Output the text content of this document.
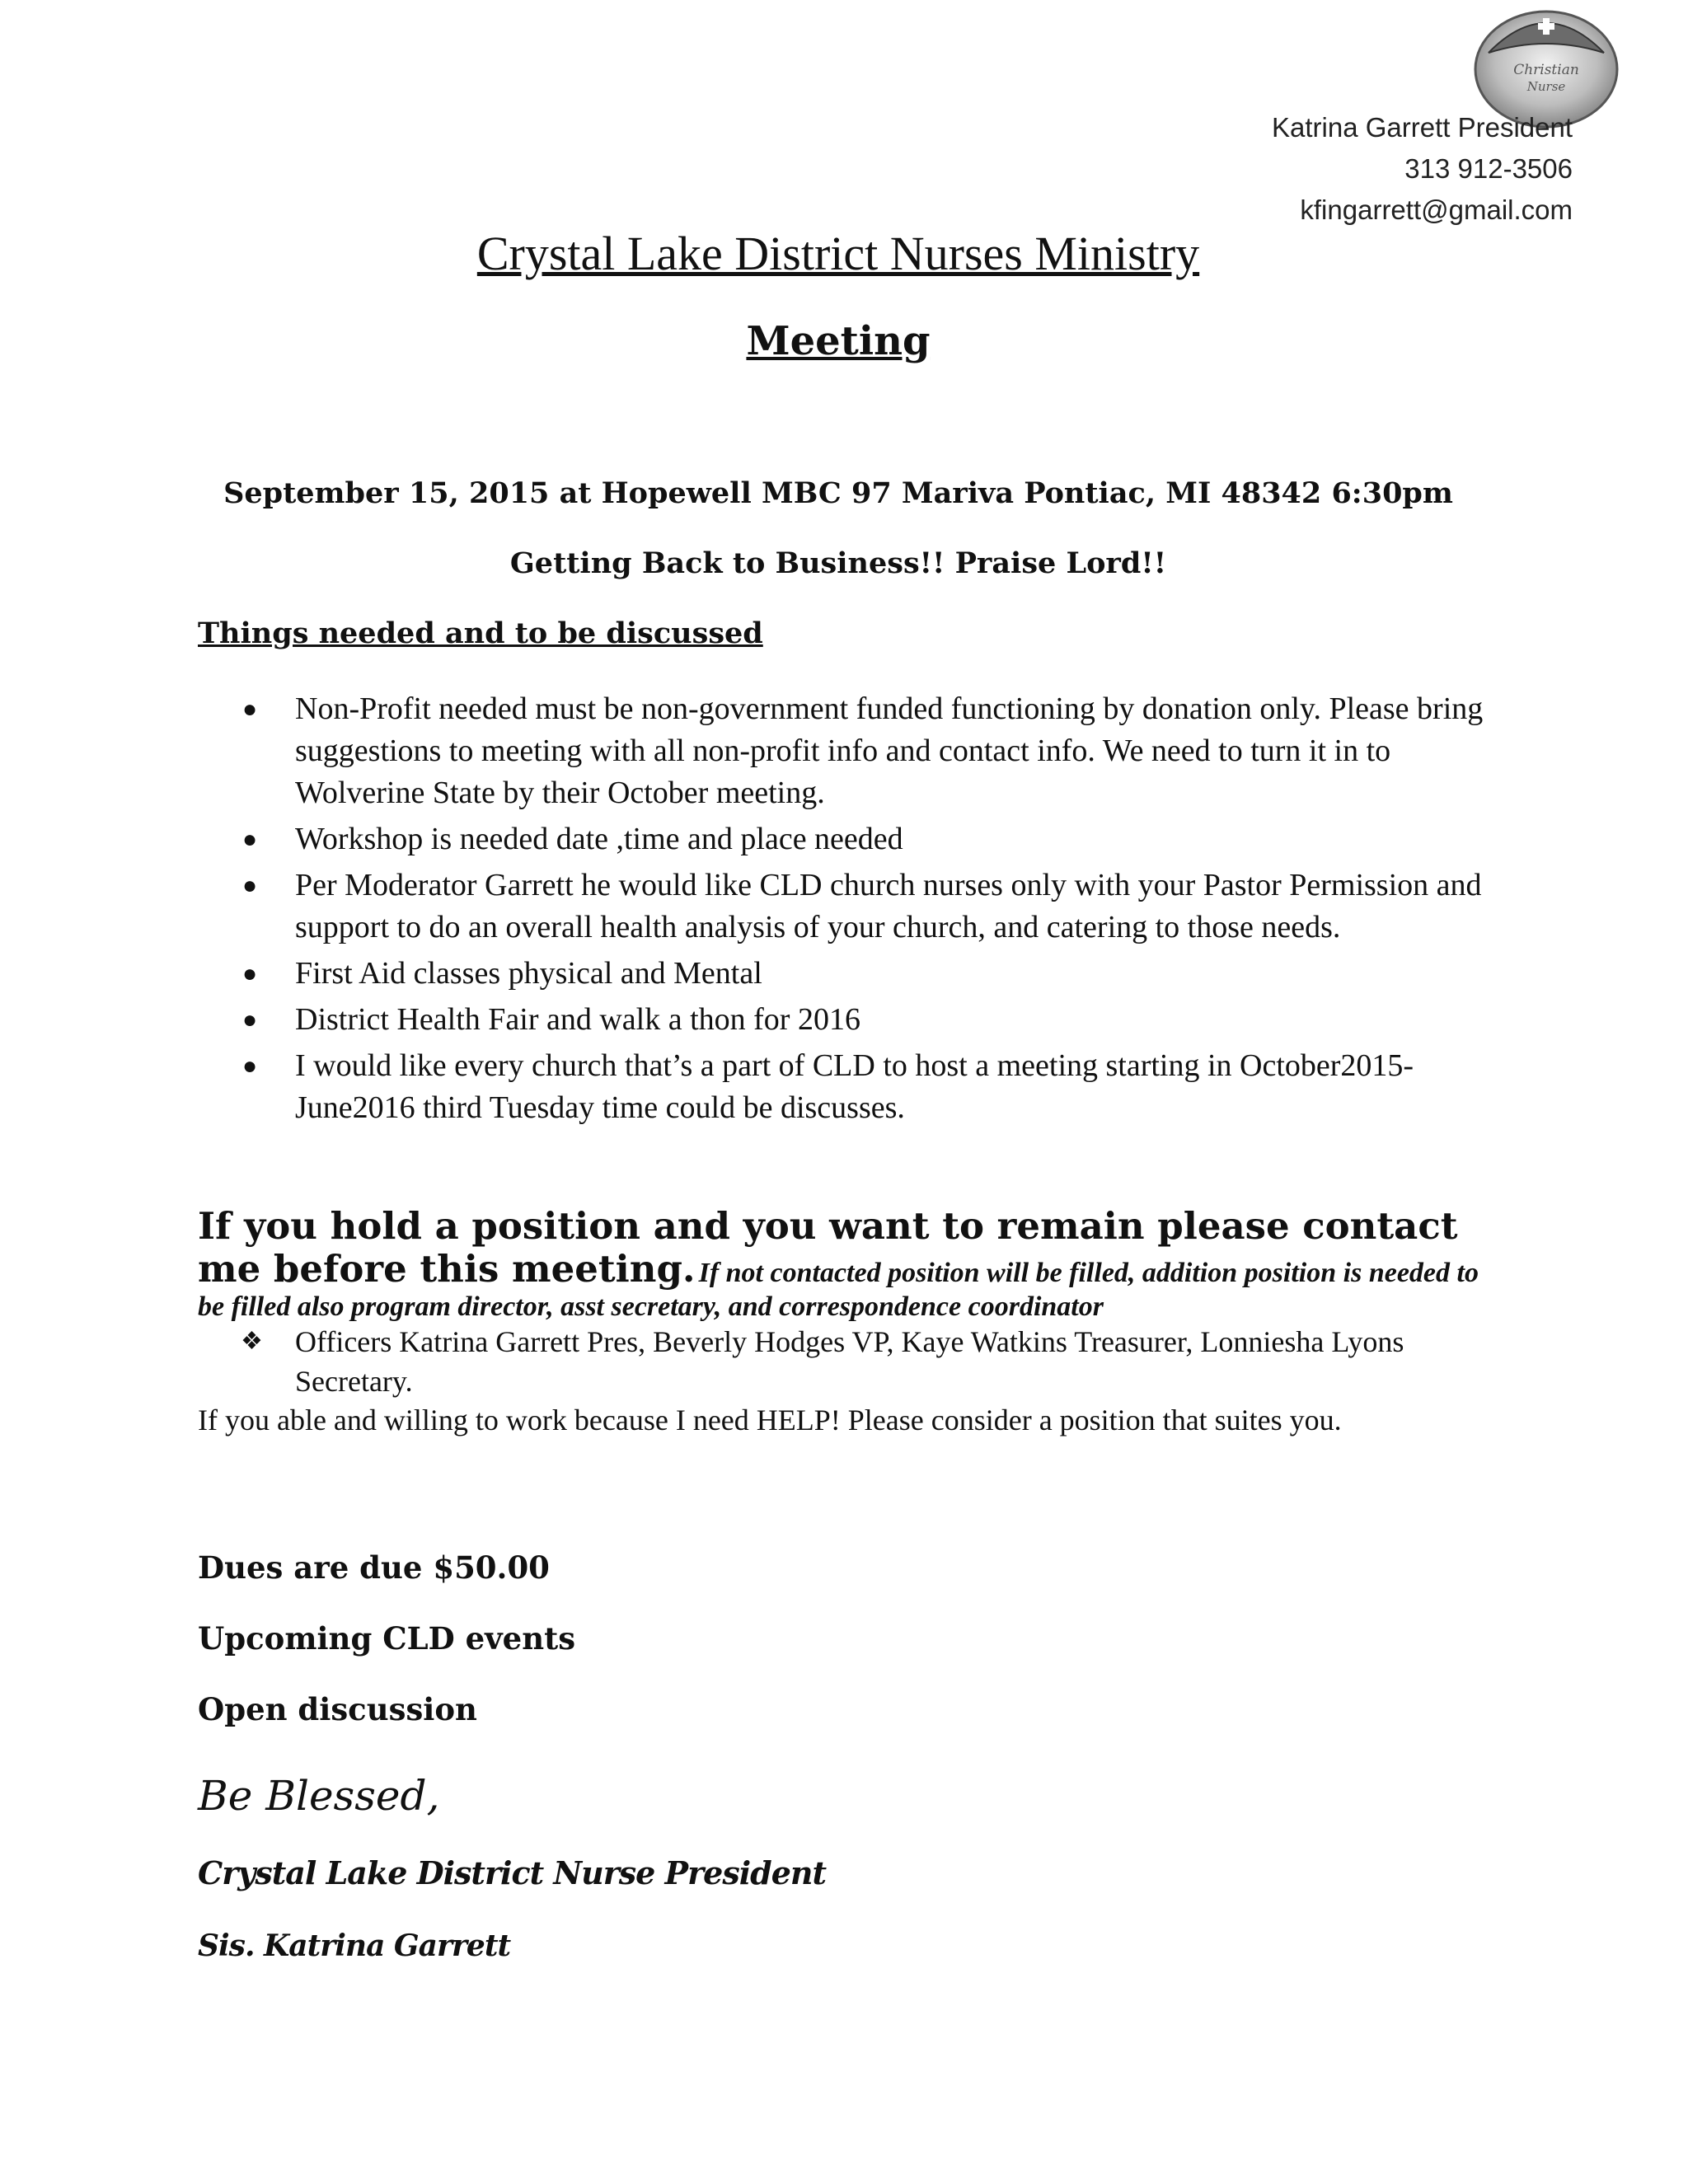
Christian
Nurse
Katrina Garrett President
313 912-3506
kfingarrett@gmail.com
Crystal Lake District Nurses Ministry
Meeting
September 15, 2015 at Hopewell MBC 97 Mariva Pontiac, MI 48342 6:30pm
Getting Back to Business!! Praise Lord!!
Things needed and to be discussed
● Non-Profit needed must be non-government funded functioning by donation only. Please bring suggestions to meeting with all non-profit info and contact info. We need to turn it in to Wolverine State by their October meeting.
● Workshop is needed date ,time and place needed
● Per Moderator Garrett he would like CLD church nurses only with your Pastor Permission and support to do an overall health analysis of your church, and catering to those needs.
● First Aid classes physical and Mental
● District Health Fair and walk a thon for 2016
● I would like every church that’s a part of CLD to host a meeting starting in October2015-June2016 third Tuesday time could be discusses.
If you hold a position and you want to remain please contact me before this meeting. If not contacted position will be filled, addition position is needed to be filled also program director, asst secretary, and correspondence coordinator
❖	Officers Katrina Garrett Pres, Beverly Hodges VP, Kaye Watkins Treasurer, Lonniesha Lyons Secretary.
If you able and willing to work because I need HELP! Please consider a position that suites you.
Dues are due $50.00
Upcoming CLD events
Open discussion
Be Blessed,
Crystal Lake District Nurse President
Sis. Katrina Garrett
